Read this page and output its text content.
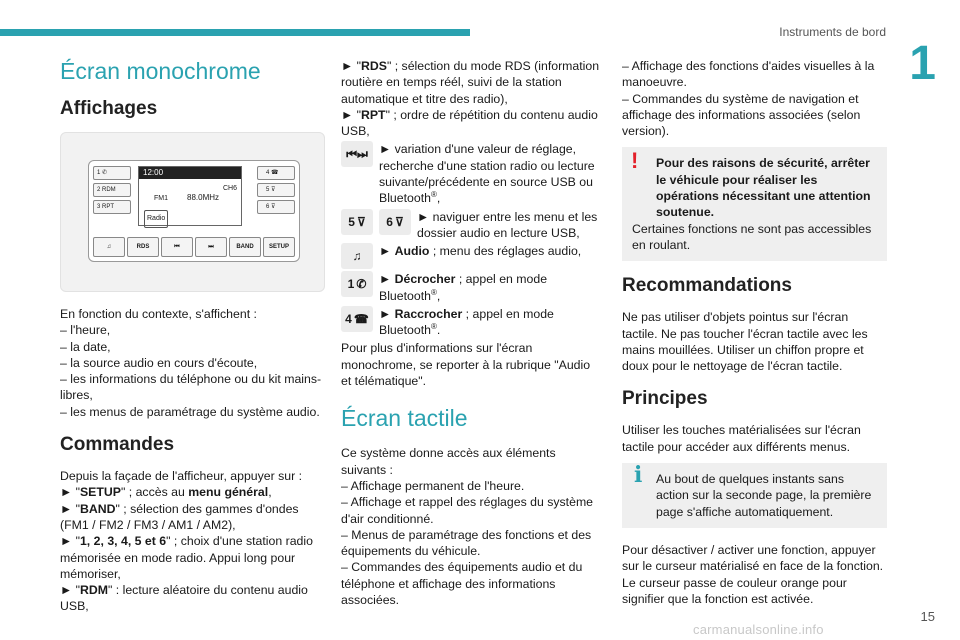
Instruments de bord
1
15
carmanualsonline.info
Écran monochrome
Affichages
1 ✆
2 RDM
3 RPT
12:00
CH6
FM1 88.0MHz
Radio
4 ☎
5 ⊽
6 ⊽
♫	RDS	⏮	⏭	BAND	SETUP

En fonction du contexte, s'affichent :

– l'heure,

– la date,

– la source audio en cours d'écoute,

– les informations du téléphone ou du kit mains-libres,

– les menus de paramétrage du système audio.

Commandes

Depuis la façade de l'afficheur, appuyer sur :

► "SETUP" ; accès au menu général,

► "BAND" ; sélection des gammes d'ondes (FM1 / FM2 / FM3 / AM1 / AM2),

► "1, 2, 3, 4, 5 et 6" ; choix d'une station radio mémorisée en mode radio. Appui long pour mémoriser,

► "RDM" : lecture aléatoire du contenu audio USB,

► "RDS" ; sélection du mode RDS (information routière en temps réél, suivi de la station automatique et titre des radio),

► "RPT" ; ordre de répétition du contenu audio USB,

⏮⏭ ► variation d'une valeur de réglage, recherche d'une station radio ou lecture suivante/précédente en source USB ou Bluetooth®,

5 ⊽	6 ⊽	► naviguer entre les menu et les dossier audio en lecture USB,

♫	► Audio ; menu des réglages audio,

1 ✆	► Décrocher ; appel en mode Bluetooth®,

4 ☎ ► Raccrocher ; appel en mode Bluetooth®.

Pour plus d'informations sur l'écran monochrome, se reporter à la rubrique "Audio et télématique".

Écran tactile

Ce système donne accès aux éléments suivants :

– Affichage permanent de l'heure.

– Affichage et rappel des réglages du système d'air conditionné.

– Menus de paramétrage des fonctions et des équipements du véhicule.

– Commandes des équipements audio et du téléphone et affichage des informations associées.

– Affichage des fonctions d'aides visuelles à la manoeuvre.

– Commandes du système de navigation et affichage des informations associées (selon version).

!	Pour des raisons de sécurité, arrêter le véhicule pour réaliser les opérations nécessitant une attention soutenue.

Certaines fonctions ne sont pas accessibles en roulant.

Recommandations

Ne pas utiliser d'objets pointus sur l'écran tactile. Ne pas toucher l'écran tactile avec les mains mouillées. Utiliser un chiffon propre et doux pour le nettoyage de l'écran tactile.

Principes

Utiliser les touches matérialisées sur l'écran tactile pour accéder aux différents menus.

i	Au bout de quelques instants sans action sur la seconde page, la première page s'affiche automatiquement.

Pour désactiver / activer une fonction, appuyer sur le curseur matérialisé en face de la fonction. Le curseur passe de couleur orange pour signifier que la fonction est activée.
